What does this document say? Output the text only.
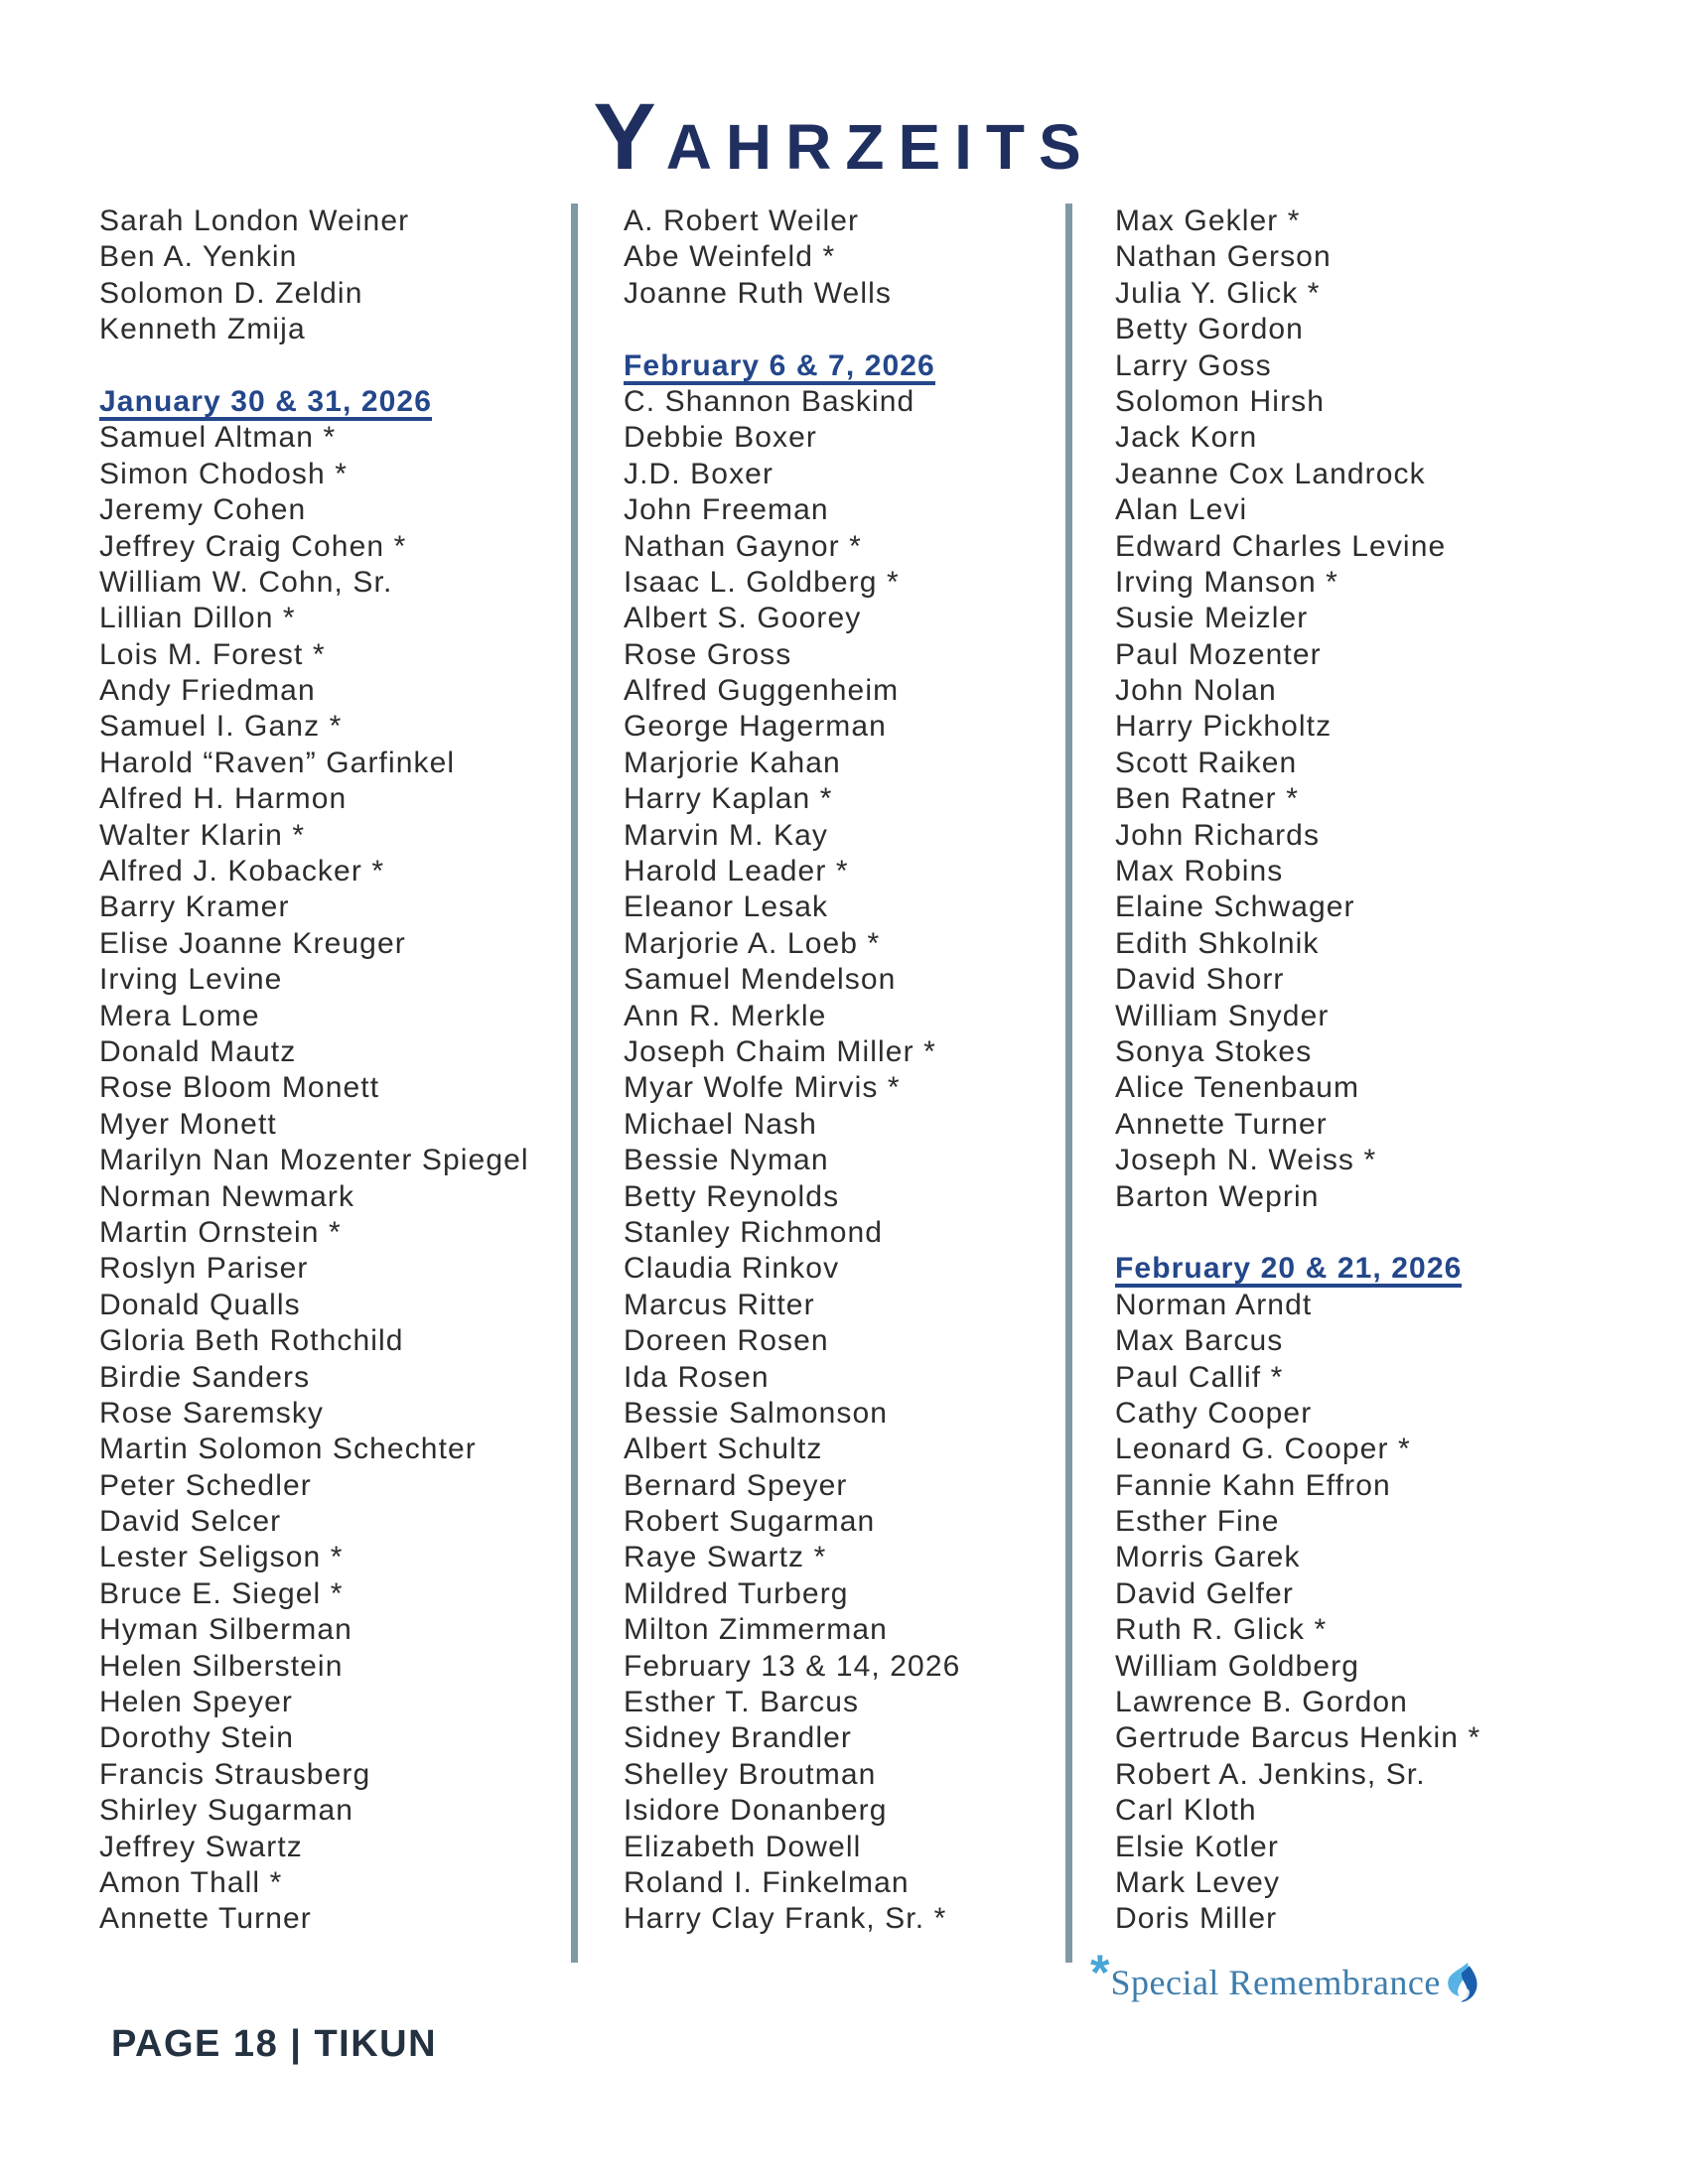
YAHRZEITS
Sarah London Weiner
Ben A. Yenkin
Solomon D. Zeldin
Kenneth Zmija

January 30 & 31, 2026
Samuel Altman *
Simon Chodosh *
Jeremy Cohen
Jeffrey Craig Cohen *
William W. Cohn, Sr.
Lillian Dillon *
Lois M. Forest *
Andy Friedman
Samuel I. Ganz *
Harold “Raven” Garfinkel
Alfred H. Harmon
Walter Klarin *
Alfred J. Kobacker *
Barry Kramer
Elise Joanne Kreuger
Irving Levine
Mera Lome
Donald Mautz
Rose Bloom Monett
Myer Monett
Marilyn Nan Mozenter Spiegel
Norman Newmark
Martin Ornstein *
Roslyn Pariser
Donald Qualls
Gloria Beth Rothchild
Birdie Sanders
Rose Saremsky
Martin Solomon Schechter
Peter Schedler
David Selcer
Lester Seligson *
Bruce E. Siegel *
Hyman Silberman
Helen Silberstein
Helen Speyer
Dorothy Stein
Francis Strausberg
Shirley Sugarman
Jeffrey Swartz
Amon Thall *
Annette Turner
A. Robert Weiler
Abe Weinfeld *
Joanne Ruth Wells

February 6 & 7, 2026
C. Shannon Baskind
Debbie Boxer
J.D. Boxer
John Freeman
Nathan Gaynor *
Isaac L. Goldberg *
Albert S. Goorey
Rose Gross
Alfred Guggenheim
George Hagerman
Marjorie Kahan
Harry Kaplan *
Marvin M. Kay
Harold Leader *
Eleanor Lesak
Marjorie A. Loeb *
Samuel Mendelson
Ann R. Merkle
Joseph Chaim Miller *
Myar Wolfe Mirvis *
Michael Nash
Bessie Nyman
Betty Reynolds
Stanley Richmond
Claudia Rinkov
Marcus Ritter
Doreen Rosen
Ida Rosen
Bessie Salmonson
Albert Schultz
Bernard Speyer
Robert Sugarman
Raye Swartz *
Mildred Turberg
Milton Zimmerman
February 13 & 14, 2026
Esther T. Barcus
Sidney Brandler
Shelley Broutman
Isidore Donanberg
Elizabeth Dowell
Roland I. Finkelman
Harry Clay Frank, Sr. *
Max Gekler *
Nathan Gerson
Julia Y. Glick *
Betty Gordon
Larry Goss
Solomon Hirsh
Jack Korn
Jeanne Cox Landrock
Alan Levi
Edward Charles Levine
Irving Manson *
Susie Meizler
Paul Mozenter
John Nolan
Harry Pickholtz
Scott Raiken
Ben Ratner *
John Richards
Max Robins
Elaine Schwager
Edith Shkolnik
David Shorr
William Snyder
Sonya Stokes
Alice Tenenbaum
Annette Turner
Joseph N. Weiss *
Barton Weprin

February 20 & 21, 2026
Norman Arndt
Max Barcus
Paul Callif *
Cathy Cooper
Leonard G. Cooper *
Fannie Kahn Effron
Esther Fine
Morris Garek
David Gelfer
Ruth R. Glick *
William Goldberg
Lawrence B. Gordon
Gertrude Barcus Henkin *
Robert A. Jenkins, Sr.
Carl Kloth
Elsie Kotler
Mark Levey
Doris Miller
* Special Remembrance
PAGE 18 | TIKUN
